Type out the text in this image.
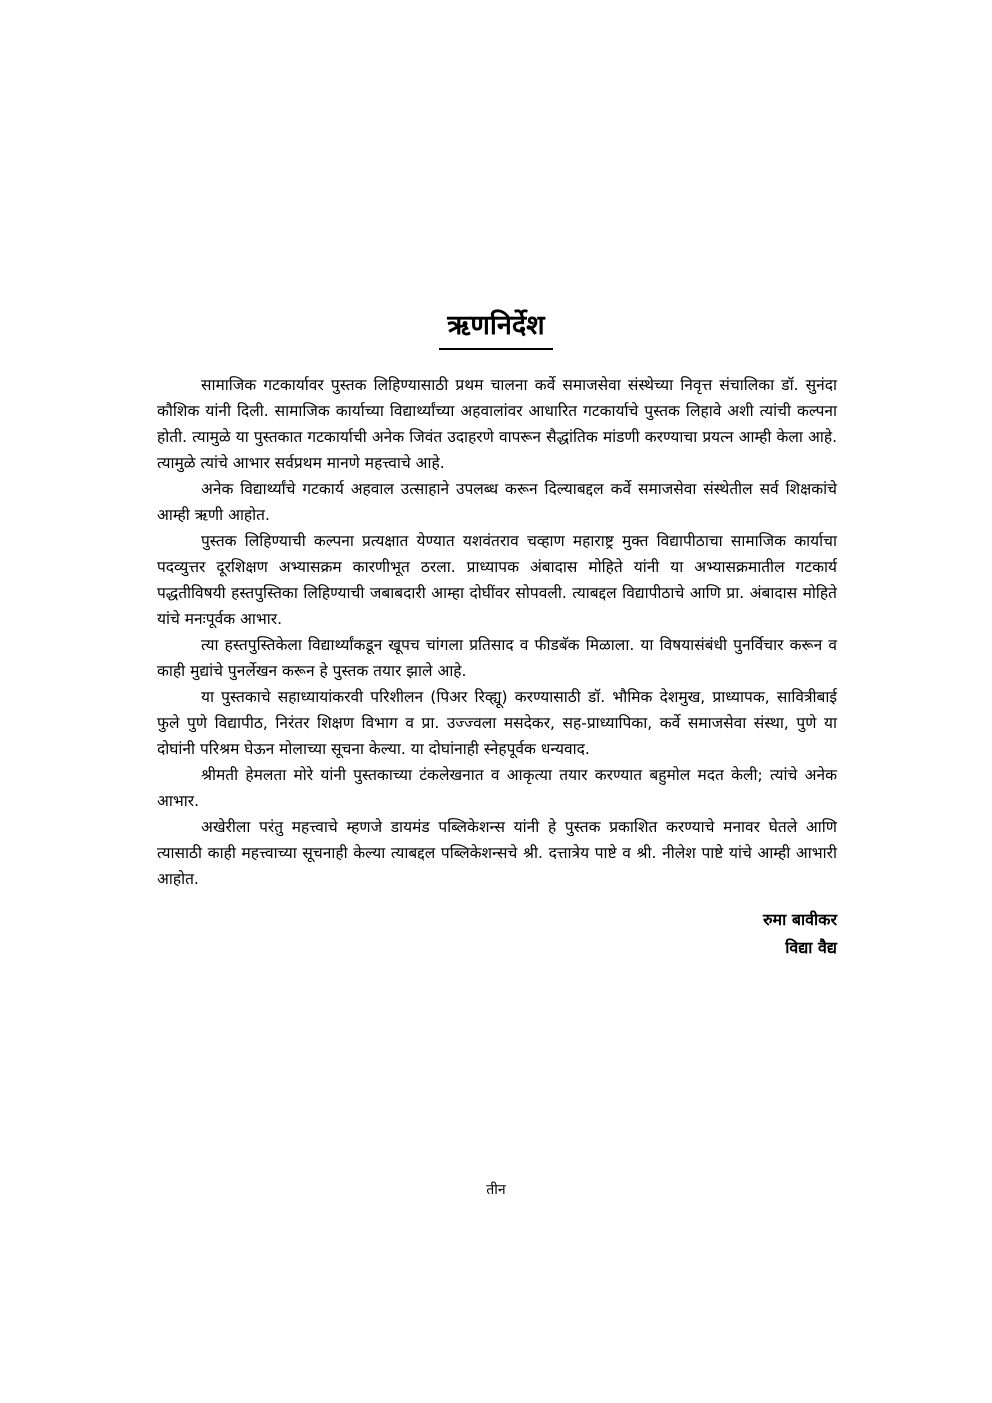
ऋणनिर्देश

सामाजिक गटकार्यावर पुस्तक लिहिण्यासाठी प्रथम चालना कर्वे समाजसेवा संस्थेच्या निवृत्त संचालिका डॉ. सुनंदा कौशिक यांनी दिली. सामाजिक कार्याच्या विद्यार्थ्यांच्या अहवालांवर आधारित गटकार्याचे पुस्तक लिहावे अशी त्यांची कल्पना होती. त्यामुळे या पुस्तकात गटकार्याची अनेक जिवंत उदाहरणे वापरून सैद्धांतिक मांडणी करण्याचा प्रयत्न आम्ही केला आहे. त्यामुळे त्यांचे आभार सर्वप्रथम मानणे महत्त्वाचे आहे.

अनेक विद्यार्थ्यांचे गटकार्य अहवाल उत्साहाने उपलब्ध करून दिल्याबद्दल कर्वे समाजसेवा संस्थेतील सर्व शिक्षकांचे आम्ही ऋणी आहोत.

पुस्तक लिहिण्याची कल्पना प्रत्यक्षात येण्यात यशवंतराव चव्हाण महाराष्ट्र मुक्त विद्यापीठाचा सामाजिक कार्याचा पदव्युत्तर दूरशिक्षण अभ्यासक्रम कारणीभूत ठरला. प्राध्यापक अंबादास मोहिते यांनी या अभ्यासक्रमातील गटकार्य पद्धतीविषयी हस्तपुस्तिका लिहिण्याची जबाबदारी आम्हा दोघींवर सोपवली. त्याबद्दल विद्यापीठाचे आणि प्रा. अंबादास मोहिते यांचे मनःपूर्वक आभार.

त्या हस्तपुस्तिकेला विद्यार्थ्यांकडून खूपच चांगला प्रतिसाद व फीडबॅक मिळाला. या विषयासंबंधी पुनर्विचार करून व काही मुद्यांचे पुनर्लेखन करून हे पुस्तक तयार झाले आहे.

या पुस्तकाचे सहाध्यायांकरवी परिशीलन (पिअर रिव्ह्यू) करण्यासाठी डॉ. भौमिक देशमुख, प्राध्यापक, सावित्रीबाई फुले पुणे विद्यापीठ, निरंतर शिक्षण विभाग व प्रा. उज्ज्वला मसदेकर, सह-प्राध्यापिका, कर्वे समाजसेवा संस्था, पुणे या दोघांनी परिश्रम घेऊन मोलाच्या सूचना केल्या. या दोघांनाही स्नेहपूर्वक धन्यवाद.

श्रीमती हेमलता मोरे यांनी पुस्तकाच्या टंकलेखनात व आकृत्या तयार करण्यात बहुमोल मदत केली; त्यांचे अनेक आभार.

अखेरीला परंतु महत्त्वाचे म्हणजे डायमंड पब्लिकेशन्स यांनी हे पुस्तक प्रकाशित करण्याचे मनावर घेतले आणि त्यासाठी काही महत्त्वाच्या सूचनाही केल्या त्याबद्दल पब्लिकेशन्सचे श्री. दत्तात्रेय पाष्टे व श्री. नीलेश पाष्टे यांचे आम्ही आभारी आहोत.

रुमा बावीकर
विद्या वैद्य
तीन
